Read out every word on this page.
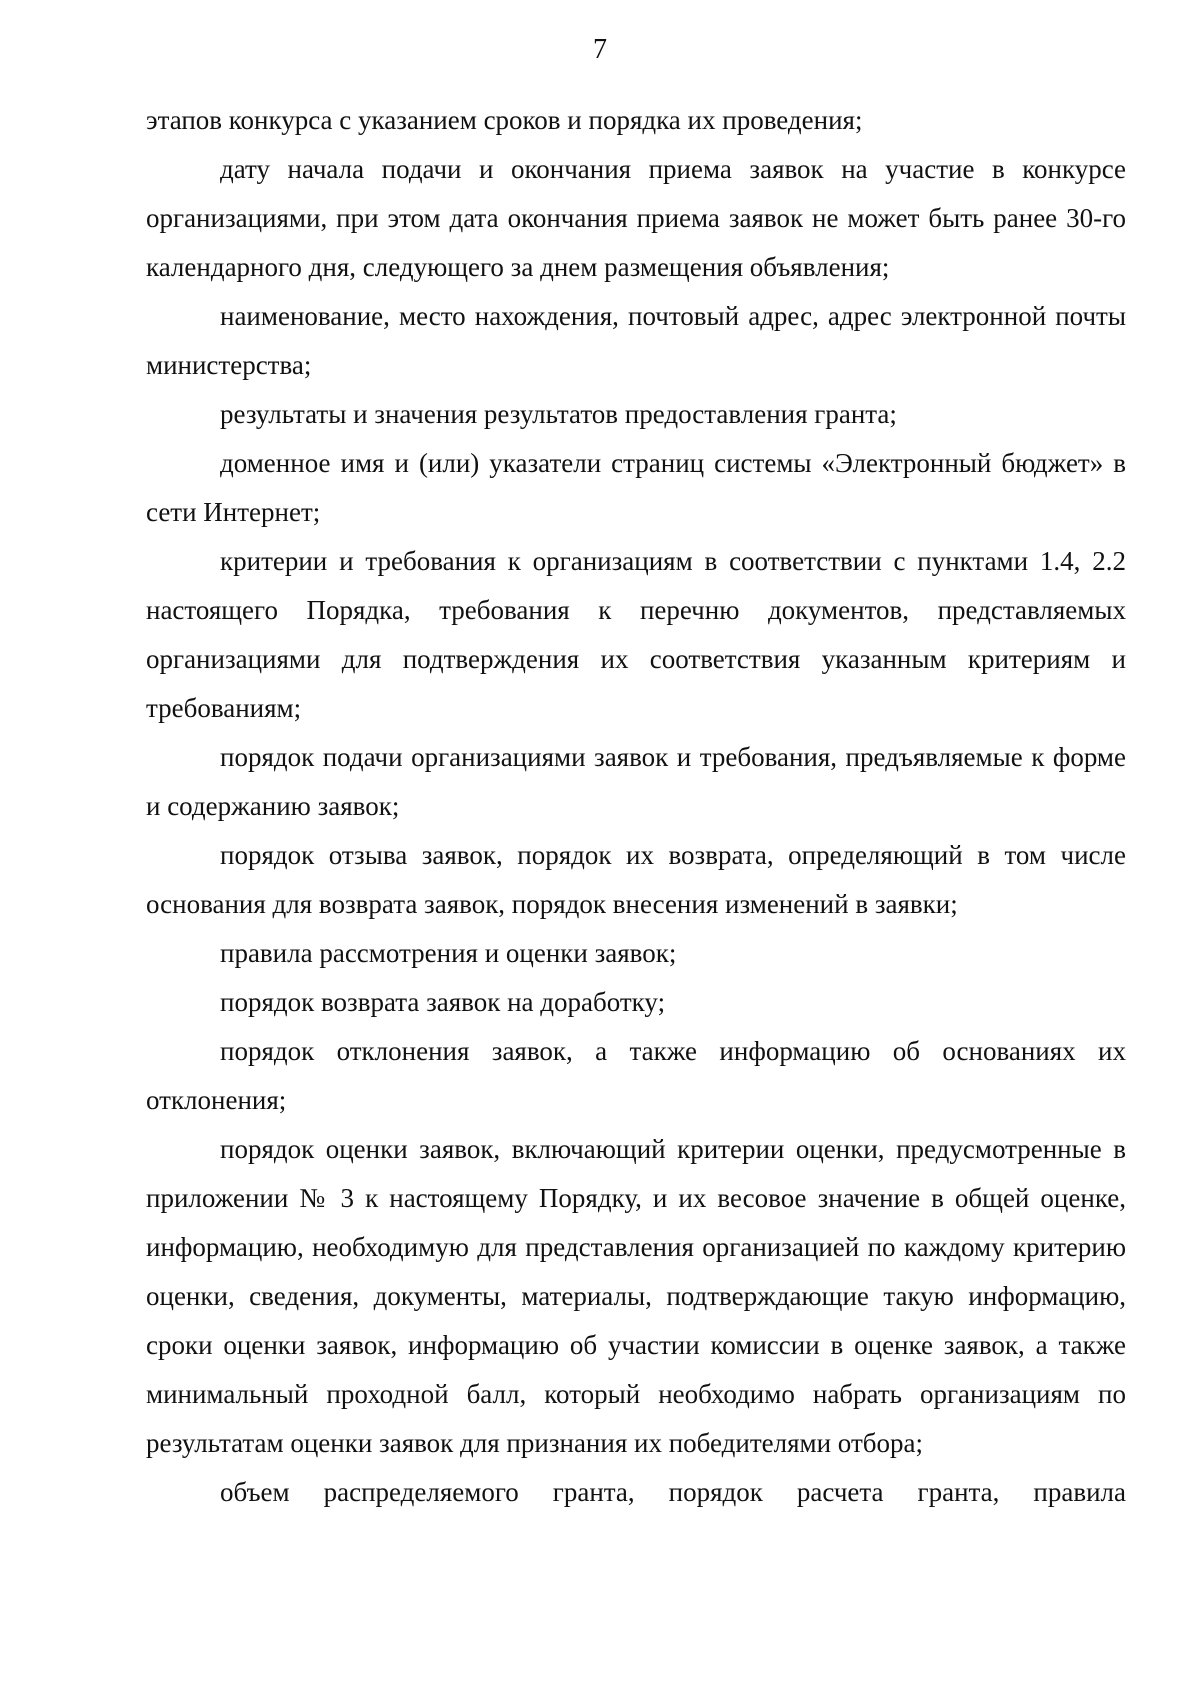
7

этапов конкурса с указанием сроков и порядка их проведения;

дату начала подачи и окончания приема заявок на участие в конкурсе организациями, при этом дата окончания приема заявок не может быть ранее 30-го календарного дня, следующего за днем размещения объявления;

наименование, место нахождения, почтовый адрес, адрес электронной почты министерства;

результаты и значения результатов предоставления гранта;

доменное имя и (или) указатели страниц системы «Электронный бюджет» в сети Интернет;

критерии и требования к организациям в соответствии с пунктами 1.4, 2.2 настоящего Порядка, требования к перечню документов, представляемых организациями для подтверждения их соответствия указанным критериям и требованиям;

порядок подачи организациями заявок и требования, предъявляемые к форме и содержанию заявок;

порядок отзыва заявок, порядок их возврата, определяющий в том числе основания для возврата заявок, порядок внесения изменений в заявки;

правила рассмотрения и оценки заявок;

порядок возврата заявок на доработку;

порядок отклонения заявок, а также информацию об основаниях их отклонения;

порядок оценки заявок, включающий критерии оценки, предусмотренные в приложении № 3 к настоящему Порядку, и их весовое значение в общей оценке, информацию, необходимую для представления организацией по каждому критерию оценки, сведения, документы, материалы, подтверждающие такую информацию, сроки оценки заявок, информацию об участии комиссии в оценке заявок, а также минимальный проходной балл, который необходимо набрать организациям по результатам оценки заявок для признания их победителями отбора;

объем распределяемого гранта, порядок расчета гранта, правила
